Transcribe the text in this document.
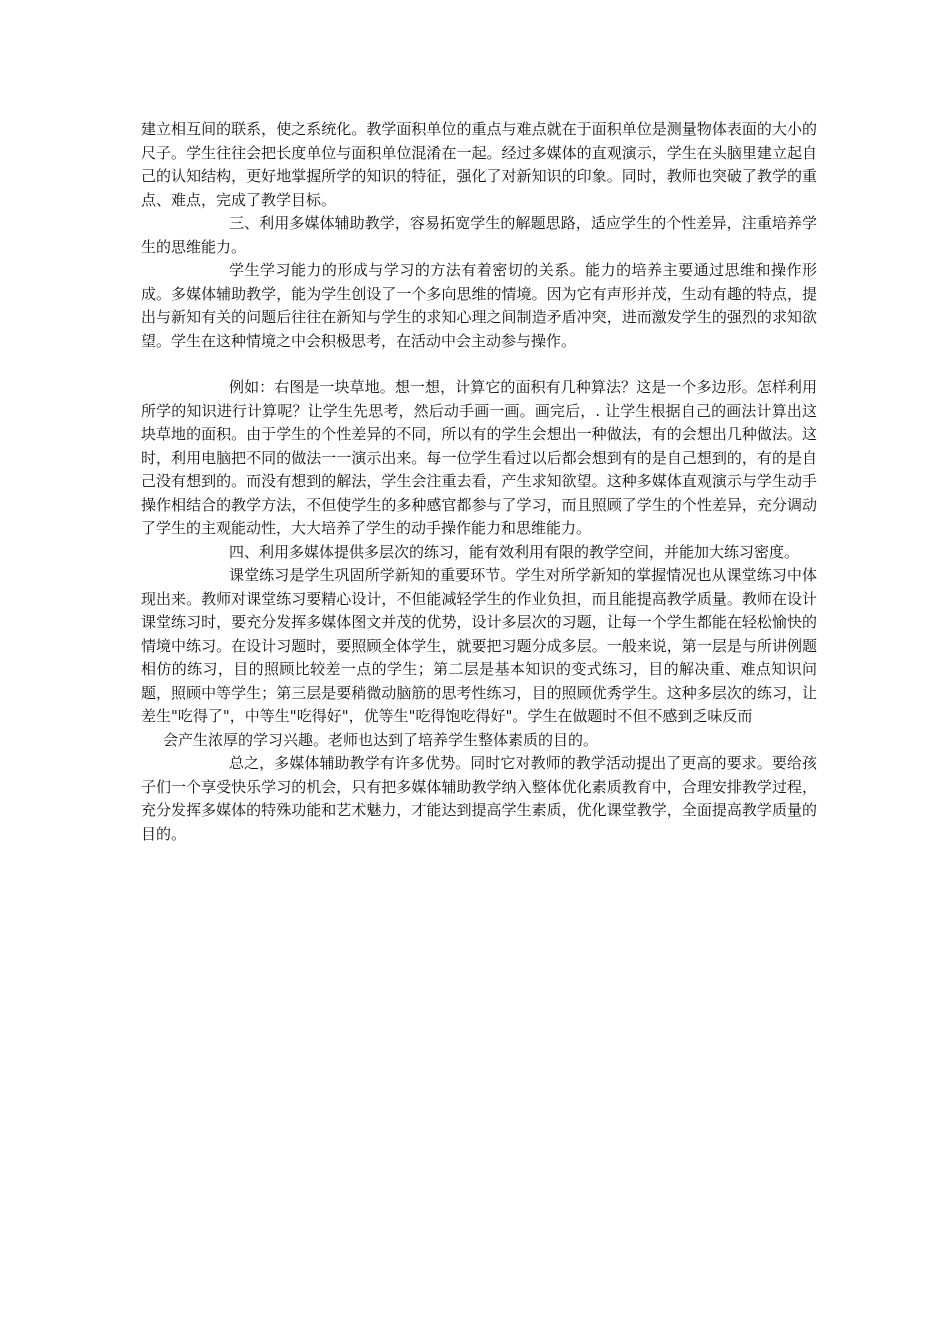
建立相互间的联系，使之系统化。教学面积单位的重点与难点就在于面积单位是测量物体表面的大小的尺子。学生往往会把长度单位与面积单位混淆在一起。经过多媒体的直观演示，学生在头脑里建立起自己的认知结构，更好地掌握所学的知识的特征，强化了对新知识的印象。同时，教师也突破了教学的重点、难点，完成了教学目标。

三、利用多媒体辅助教学，容易拓宽学生的解题思路，适应学生的个性差异，注重培养学生的思维能力。

学生学习能力的形成与学习的方法有着密切的关系。能力的培养主要通过思维和操作形成。多媒体辅助教学，能为学生创设了一个多向思维的情境。因为它有声形并茂，生动有趣的特点，提出与新知有关的问题后往往在新知与学生的求知心理之间制造矛盾冲突，进而激发学生的强烈的求知欲望。学生在这种情境之中会积极思考，在活动中会主动参与操作。

例如：右图是一块草地。想一想，计算它的面积有几种算法？这是一个多边形。怎样利用所学的知识进行计算呢？让学生先思考，然后动手画一画。画完后，. 让学生根据自己的画法计算出这块草地的面积。由于学生的个性差异的不同，所以有的学生会想出一种做法，有的会想出几种做法。这时，利用电脑把不同的做法一一演示出来。每一位学生看过以后都会想到有的是自己想到的，有的是自己没有想到的。而没有想到的解法，学生会注重去看，产生求知欲望。这种多媒体直观演示与学生动手操作相结合的教学方法，不但使学生的多种感官都参与了学习，而且照顾了学生的个性差异，充分调动了学生的主观能动性，大大培养了学生的动手操作能力和思维能力。

四、利用多媒体提供多层次的练习，能有效利用有限的教学空间，并能加大练习密度。

课堂练习是学生巩固所学新知的重要环节。学生对所学新知的掌握情况也从课堂练习中体现出来。教师对课堂练习要精心设计，不但能减轻学生的作业负担，而且能提高教学质量。教师在设计课堂练习时，要充分发挥多媒体图文并茂的优势，设计多层次的习题，让每一个学生都能在轻松愉快的情境中练习。在设计习题时，要照顾全体学生，就要把习题分成多层。一般来说，第一层是与所讲例题相仿的练习，目的照顾比较差一点的学生；第二层是基本知识的变式练习，目的解决重、难点知识问题，照顾中等学生；第三层是要稍微动脑筋的思考性练习，目的照顾优秀学生。这种多层次的练习，让差生"吃得了"，中等生"吃得好"，优等生"吃得饱吃得好"。学生在做题时不但不感到乏味反而

会产生浓厚的学习兴趣。老师也达到了培养学生整体素质的目的。

总之，多媒体辅助教学有许多优势。同时它对教师的教学活动提出了更高的要求。要给孩子们一个享受快乐学习的机会，只有把多媒体辅助教学纳入整体优化素质教育中，合理安排教学过程，充分发挥多媒体的特殊功能和艺术魅力，才能达到提高学生素质，优化课堂教学，全面提高教学质量的目的。
